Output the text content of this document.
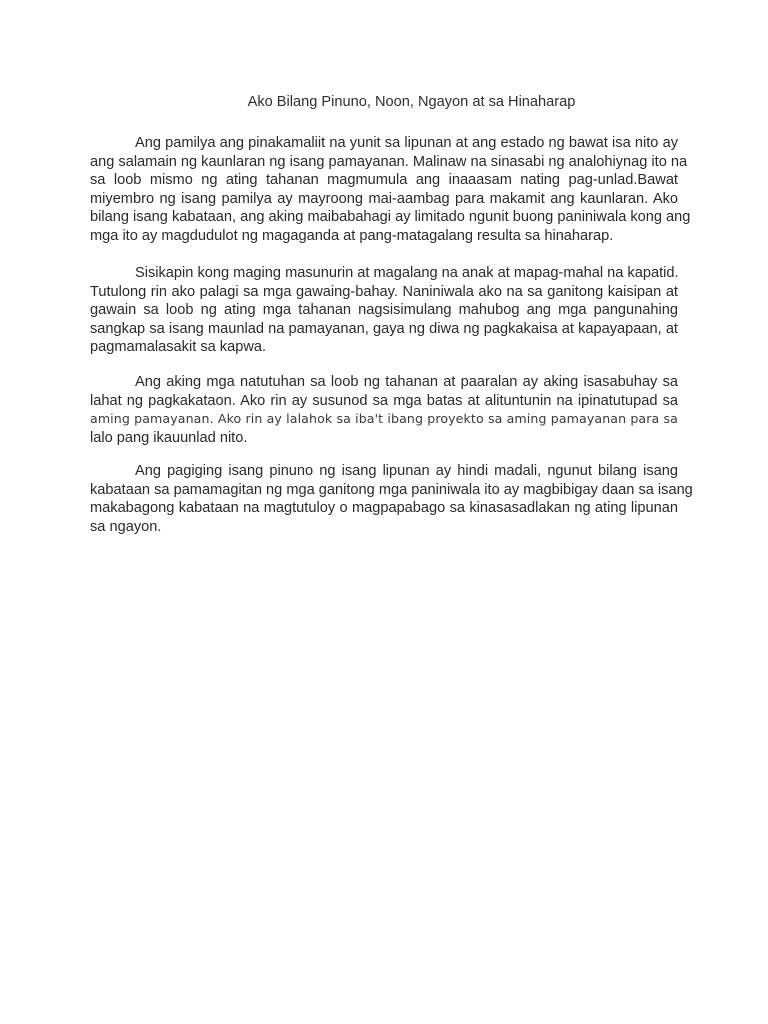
Ako Bilang Pinuno, Noon, Ngayon at sa Hinaharap
Ang pamilya ang pinakamaliit na yunit sa lipunan at ang estado ng bawat isa nito ay
ang salamain ng kaunlaran ng isang pamayanan. Malinaw na sinasabi ng analohiynag ito na
sa loob mismo ng ating tahanan magmumula ang inaaasam nating pag-unlad.Bawat
miyembro ng isang pamilya ay mayroong mai-aambag para makamit ang kaunlaran. Ako
bilang isang kabataan, ang aking maibabahagi ay limitado ngunit buong paniniwala kong ang
mga ito ay magdudulot ng magaganda at pang-matagalang resulta sa hinaharap.
Sisikapin kong maging masunurin at magalang na anak at mapag-mahal na kapatid.
Tutulong rin ako palagi sa mga gawaing-bahay. Naniniwala ako na sa ganitong kaisipan at
gawain sa loob ng ating mga tahanan nagsisimulang mahubog ang mga pangunahing
sangkap sa isang maunlad na pamayanan, gaya ng diwa ng pagkakaisa at kapayapaan, at
pagmamalasakit sa kapwa.
Ang aking mga natutuhan sa loob ng tahanan at paaralan ay aking isasabuhay sa
lahat ng pagkakataon. Ako rin ay susunod sa mga batas at alituntunin na ipinatutupad sa
aming pamayanan. Ako rin ay lalahok sa iba't ibang proyekto sa aming pamayanan para sa
lalo pang ikauunlad nito.
Ang pagiging isang pinuno ng isang lipunan ay hindi madali, ngunut bilang isang
kabataan sa pamamagitan ng mga ganitong mga paniniwala ito ay magbibigay daan sa isang
makabagong kabataan na magtutuloy o magpapabago sa kinasasadlakan ng ating lipunan
sa ngayon.
